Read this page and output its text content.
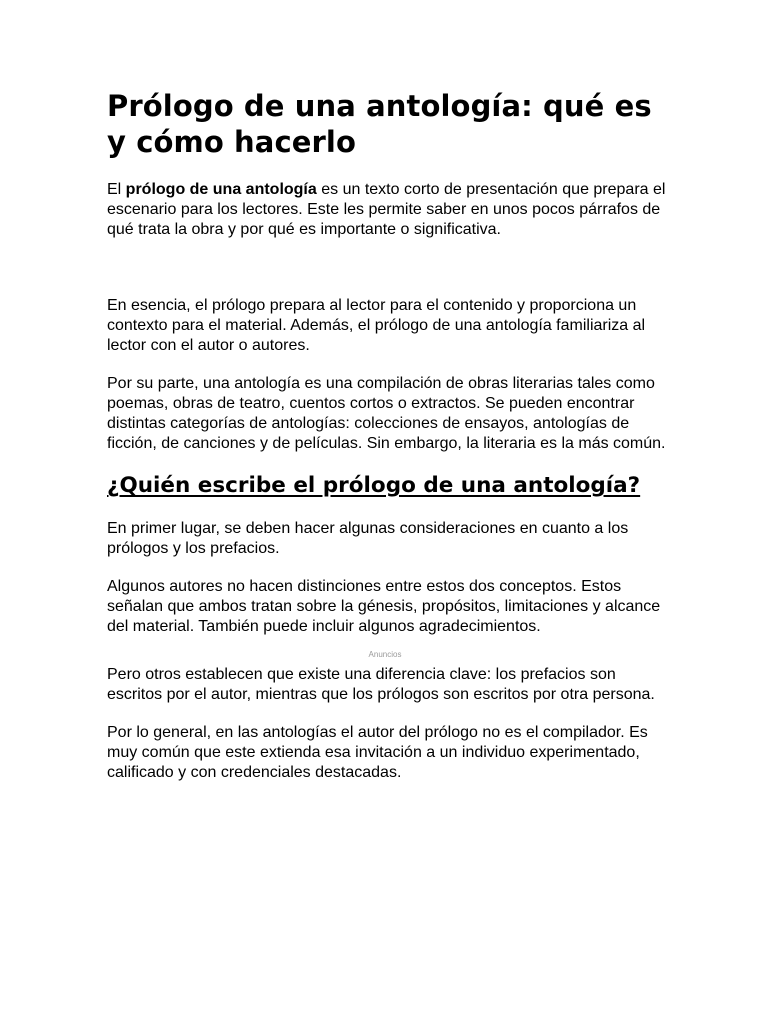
Prólogo de una antología: qué es y cómo hacerlo

El prólogo de una antología es un texto corto de presentación que prepara el escenario para los lectores. Este les permite saber en unos pocos párrafos de qué trata la obra y por qué es importante o significativa.

En esencia, el prólogo prepara al lector para el contenido y proporciona un contexto para el material. Además, el prólogo de una antología familiariza al lector con el autor o autores.

Por su parte, una antología es una compilación de obras literarias tales como poemas, obras de teatro, cuentos cortos o extractos. Se pueden encontrar distintas categorías de antologías: colecciones de ensayos, antologías de ficción, de canciones y de películas. Sin embargo, la literaria es la más común.

¿Quién escribe el prólogo de una antología?

En primer lugar, se deben hacer algunas consideraciones en cuanto a los prólogos y los prefacios.

Algunos autores no hacen distinciones entre estos dos conceptos. Estos señalan que ambos tratan sobre la génesis, propósitos, limitaciones y alcance del material. También puede incluir algunos agradecimientos.

Anuncios

Pero otros establecen que existe una diferencia clave: los prefacios son escritos por el autor, mientras que los prólogos son escritos por otra persona.

Por lo general, en las antologías el autor del prólogo no es el compilador. Es muy común que este extienda esa invitación a un individuo experimentado, calificado y con credenciales destacadas.
